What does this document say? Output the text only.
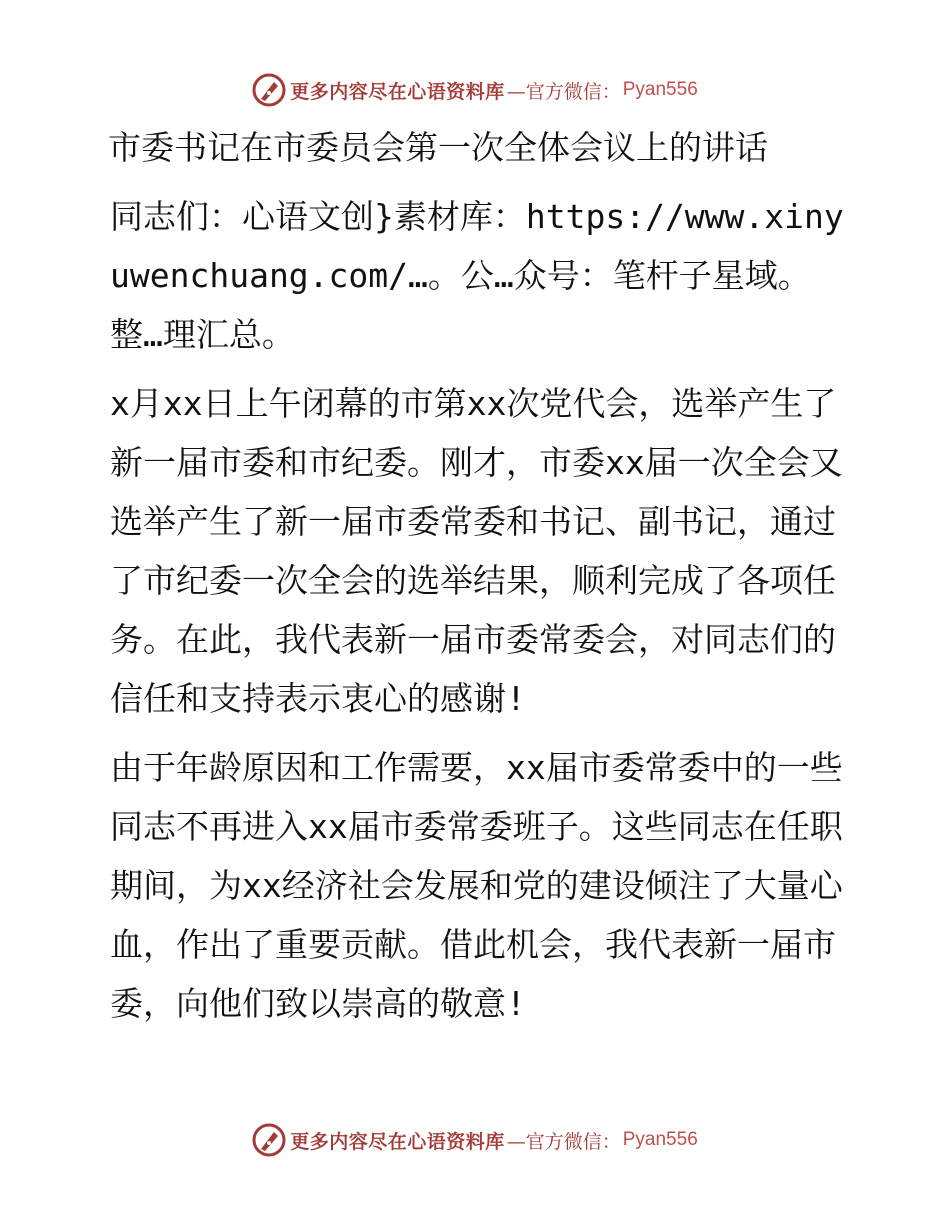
更多内容尽在心语资料库 —官方微信： Pyan556

市委书记在市委员会第一次全体会议上的讲话

同志们：心语文创}素材库：https://www.xinyuwenchuang.com/…。公…众号：笔杆子星域。整…理汇总。

x月xx日上午闭幕的市第xx次党代会，选举产生了新一届市委和市纪委。刚才，市委xx届一次全会又选举产生了新一届市委常委和书记、副书记，通过了市纪委一次全会的选举结果，顺利完成了各项任务。在此，我代表新一届市委常委会，对同志们的信任和支持表示衷心的感谢!

由于年龄原因和工作需要，xx届市委常委中的一些同志不再进入xx届市委常委班子。这些同志在任职期间，为xx经济社会发展和党的建设倾注了大量心血，作出了重要贡献。借此机会，我代表新一届市委，向他们致以崇高的敬意!

更多内容尽在心语资料库 —官方微信： Pyan556
